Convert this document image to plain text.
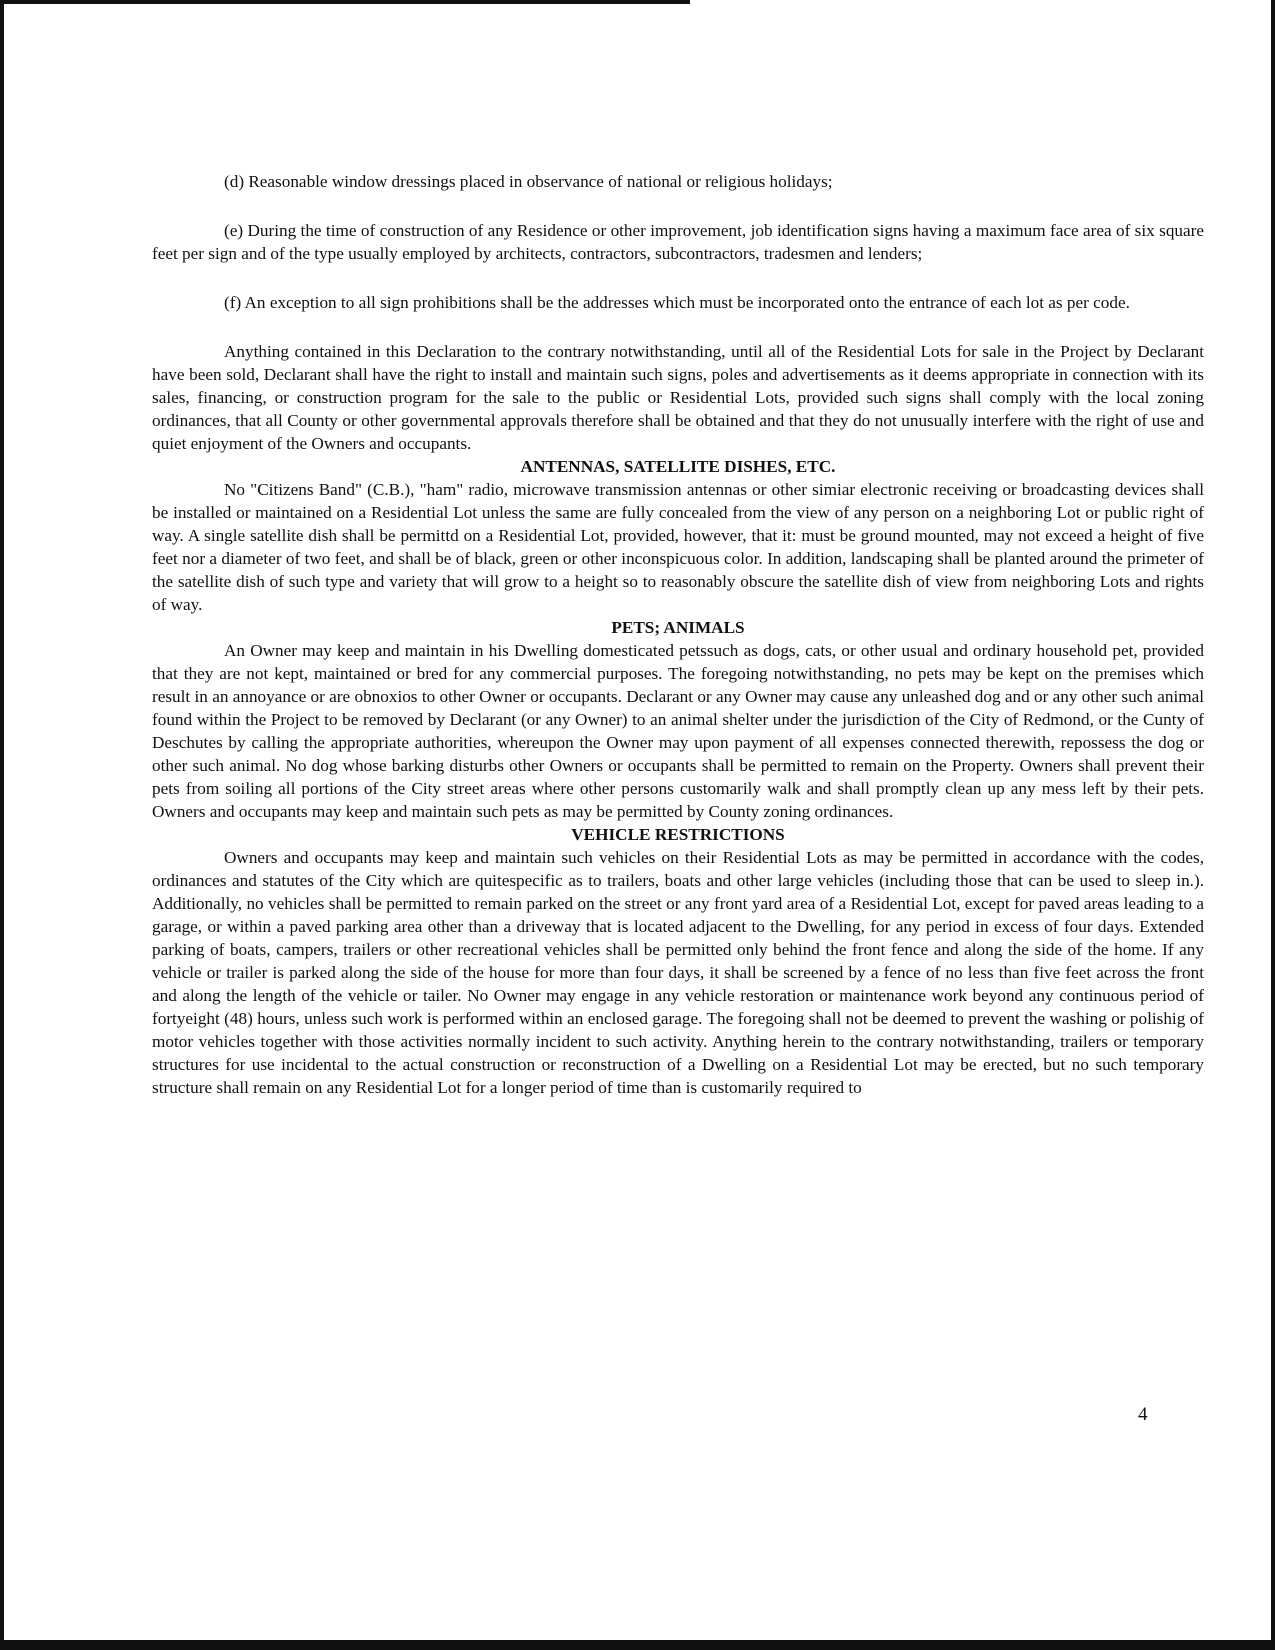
(d) Reasonable window dressings placed in observance of national or religious holidays;

(e) During the time of construction of any Residence or other improvement, job identification signs having a maximum face area of six square feet per sign and of the type usually employed by architects, contractors, subcontractors, tradesmen and lenders;

(f) An exception to all sign prohibitions shall be the addresses which must be incorporated onto the entrance of each lot as per code.

Anything contained in this Declaration to the contrary notwithstanding, until all of the Residential Lots for sale in the Project by Declarant have been sold, Declarant shall have the right to install and maintain such signs, poles and advertisements as it deems appropriate in connection with its sales, financing, or construction program for the sale to the public or Residential Lots, provided such signs shall comply with the local zoning ordinances, that all County or other governmental approvals therefore shall be obtained and that they do not unusually interfere with the right of use and quiet enjoyment of the Owners and occupants.

ANTENNAS, SATELLITE DISHES, ETC.

No "Citizens Band" (C.B.), "ham" radio, microwave transmission antennas or other simiar electronic receiving or broadcasting devices shall be installed or maintained on a Residential Lot unless the same are fully concealed from the view of any person on a neighboring Lot or public right of way. A single satellite dish shall be permittd on a Residential Lot, provided, however, that it: must be ground mounted, may not exceed a height of five feet nor a diameter of two feet, and shall be of black, green or other inconspicuous color. In addition, landscaping shall be planted around the primeter of the satellite dish of such type and variety that will grow to a height so to reasonably obscure the satellite dish of view from neighboring Lots and rights of way.

PETS; ANIMALS

An Owner may keep and maintain in his Dwelling domesticated petssuch as dogs, cats, or other usual and ordinary household pet, provided that they are not kept, maintained or bred for any commercial purposes. The foregoing notwithstanding, no pets may be kept on the premises which result in an annoyance or are obnoxios to other Owner or occupants. Declarant or any Owner may cause any unleashed dog and or any other such animal found within the Project to be removed by Declarant (or any Owner) to an animal shelter under the jurisdiction of the City of Redmond, or the Cunty of Deschutes by calling the appropriate authorities, whereupon the Owner may upon payment of all expenses connected therewith, repossess the dog or other such animal. No dog whose barking disturbs other Owners or occupants shall be permitted to remain on the Property. Owners shall prevent their pets from soiling all portions of the City street areas where other persons customarily walk and shall promptly clean up any mess left by their pets. Owners and occupants may keep and maintain such pets as may be permitted by County zoning ordinances.

VEHICLE RESTRICTIONS

Owners and occupants may keep and maintain such vehicles on their Residential Lots as may be permitted in accordance with the codes, ordinances and statutes of the City which are quitespecific as to trailers, boats and other large vehicles (including those that can be used to sleep in.). Additionally, no vehicles shall be permitted to remain parked on the street or any front yard area of a Residential Lot, except for paved areas leading to a garage, or within a paved parking area other than a driveway that is located adjacent to the Dwelling, for any period in excess of four days. Extended parking of boats, campers, trailers or other recreational vehicles shall be permitted only behind the front fence and along the side of the home. If any vehicle or trailer is parked along the side of the house for more than four days, it shall be screened by a fence of no less than five feet across the front and along the length of the vehicle or tailer. No Owner may engage in any vehicle restoration or maintenance work beyond any continuous period of fortyeight (48) hours, unless such work is performed within an enclosed garage. The foregoing shall not be deemed to prevent the washing or polishig of motor vehicles together with those activities normally incident to such activity. Anything herein to the contrary notwithstanding, trailers or temporary structures for use incidental to the actual construction or reconstruction of a Dwelling on a Residential Lot may be erected, but no such temporary structure shall remain on any Residential Lot for a longer period of time than is customarily required to

4
